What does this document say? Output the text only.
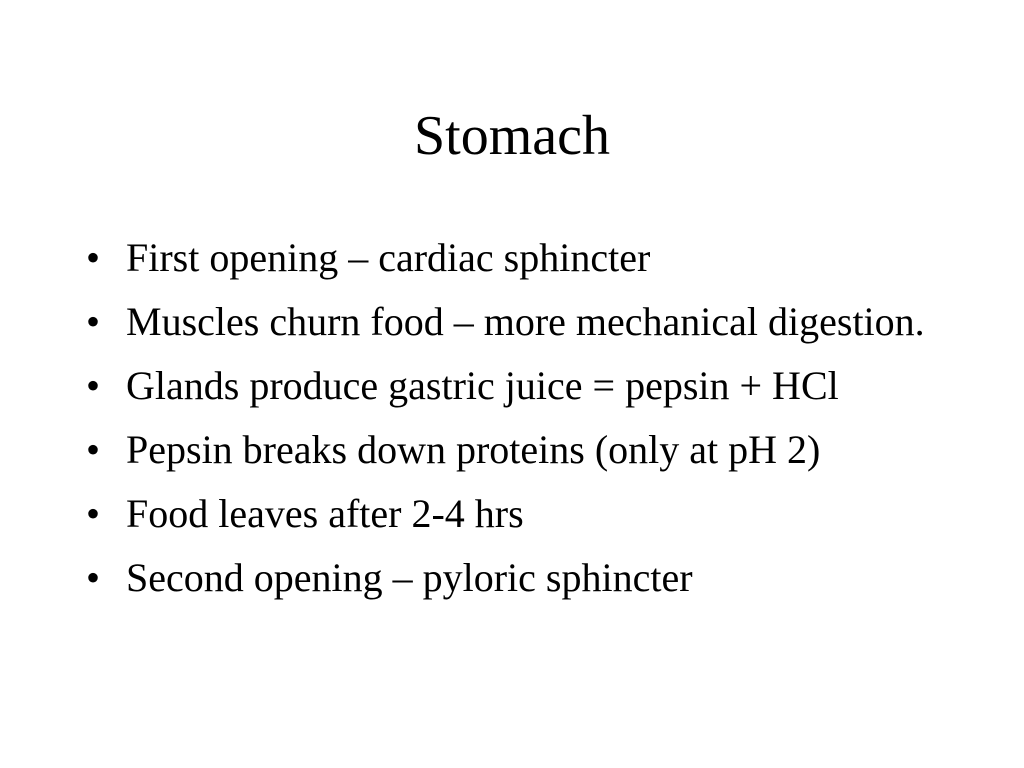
Stomach
• First opening – cardiac sphincter
• Muscles churn food – more mechanical digestion.
• Glands produce gastric juice = pepsin + HCl
• Pepsin breaks down proteins (only at pH 2)
• Food leaves after 2-4 hrs
• Second opening – pyloric sphincter
